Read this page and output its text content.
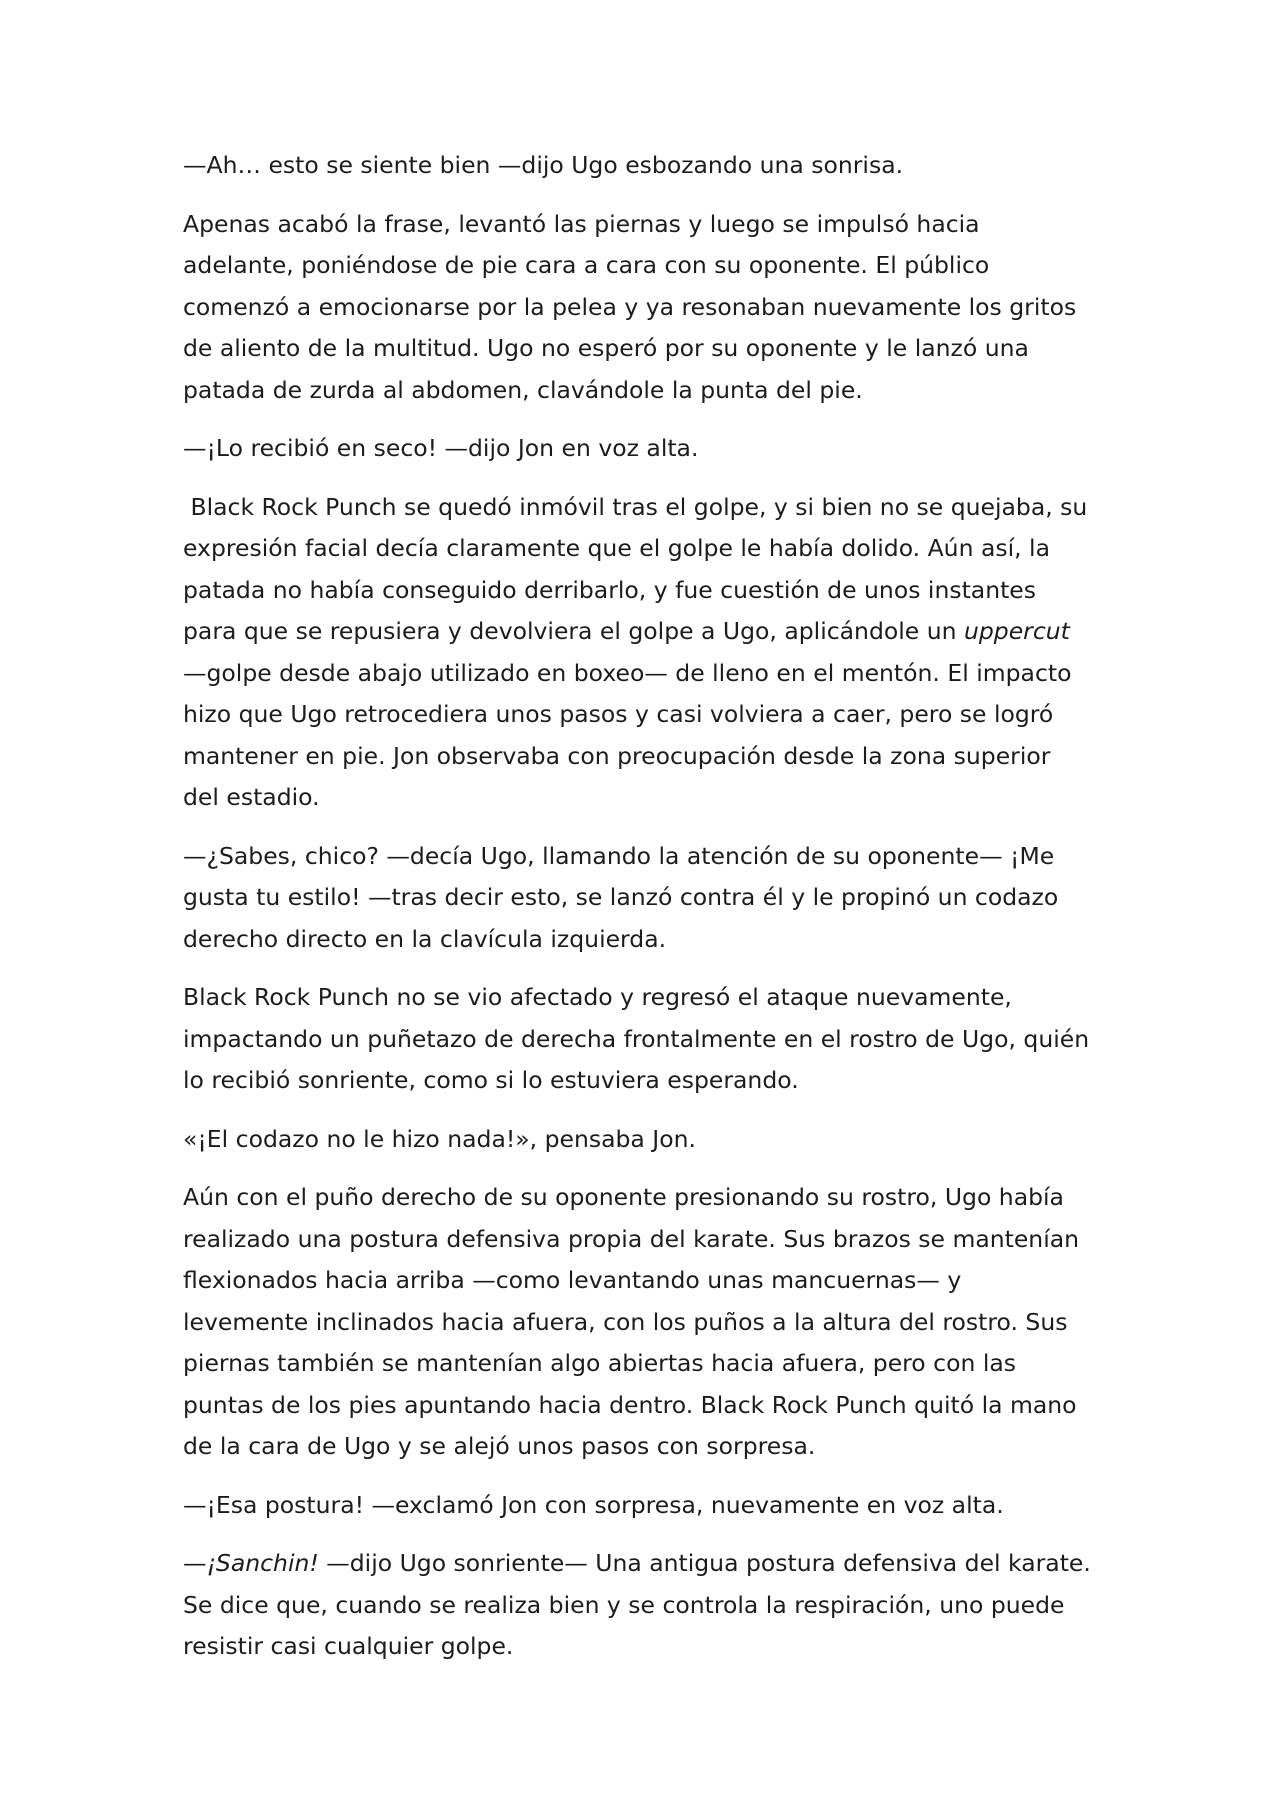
—Ah… esto se siente bien —dijo Ugo esbozando una sonrisa.

Apenas acabó la frase, levantó las piernas y luego se impulsó hacia
adelante, poniéndose de pie cara a cara con su oponente. El público
comenzó a emocionarse por la pelea y ya resonaban nuevamente los gritos
de aliento de la multitud. Ugo no esperó por su oponente y le lanzó una
patada de zurda al abdomen, clavándole la punta del pie.

—¡Lo recibió en seco! —dijo Jon en voz alta.

Black Rock Punch se quedó inmóvil tras el golpe, y si bien no se quejaba, su
expresión facial decía claramente que el golpe le había dolido. Aún así, la
patada no había conseguido derribarlo, y fue cuestión de unos instantes
para que se repusiera y devolviera el golpe a Ugo, aplicándole un uppercut
—golpe desde abajo utilizado en boxeo— de lleno en el mentón. El impacto
hizo que Ugo retrocediera unos pasos y casi volviera a caer, pero se logró
mantener en pie. Jon observaba con preocupación desde la zona superior
del estadio.

—¿Sabes, chico? —decía Ugo, llamando la atención de su oponente— ¡Me
gusta tu estilo! —tras decir esto, se lanzó contra él y le propinó un codazo
derecho directo en la clavícula izquierda.

Black Rock Punch no se vio afectado y regresó el ataque nuevamente,
impactando un puñetazo de derecha frontalmente en el rostro de Ugo, quién
lo recibió sonriente, como si lo estuviera esperando.

«¡El codazo no le hizo nada!», pensaba Jon.

Aún con el puño derecho de su oponente presionando su rostro, Ugo había
realizado una postura defensiva propia del karate. Sus brazos se mantenían
flexionados hacia arriba —como levantando unas mancuernas— y
levemente inclinados hacia afuera, con los puños a la altura del rostro. Sus
piernas también se mantenían algo abiertas hacia afuera, pero con las
puntas de los pies apuntando hacia dentro. Black Rock Punch quitó la mano
de la cara de Ugo y se alejó unos pasos con sorpresa.

—¡Esa postura! —exclamó Jon con sorpresa, nuevamente en voz alta.

—¡Sanchin! —dijo Ugo sonriente— Una antigua postura defensiva del karate.
Se dice que, cuando se realiza bien y se controla la respiración, uno puede
resistir casi cualquier golpe.
